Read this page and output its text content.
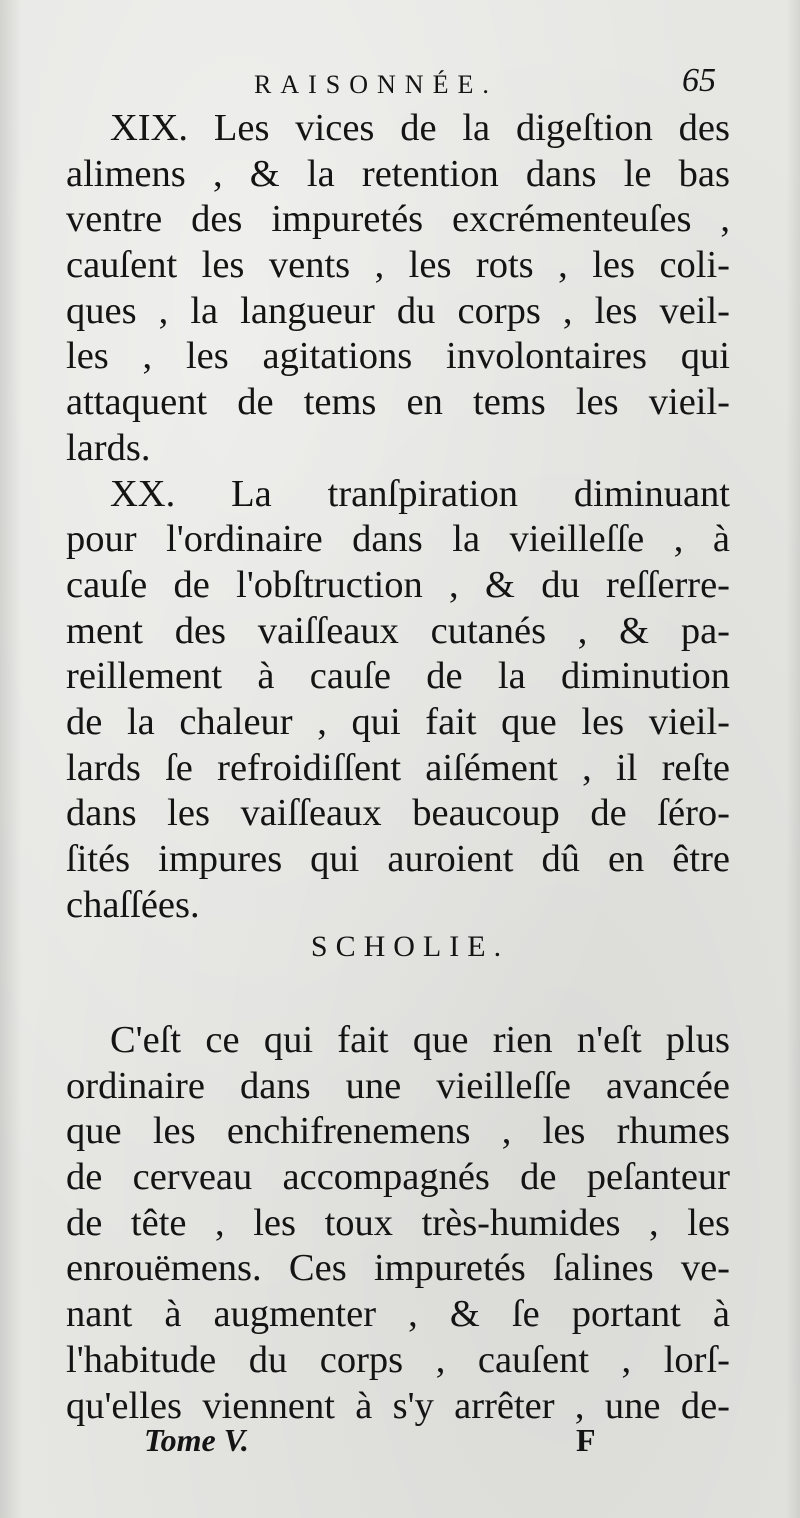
RAISONNÉE.	65
XIX. Les vices de la digeſtion des
alimens , & la retention dans le bas
ventre des impuretés excrémenteuſes ,
cauſent les vents , les rots , les coli-
ques , la langueur du corps , les veil-
les , les agitations involontaires qui
attaquent de tems en tems les vieil-
lards.
XX. La tranſpiration diminuant
pour l'ordinaire dans la vieilleſſe , à
cauſe de l'obſtruction , & du reſſerre-
ment des vaiſſeaux cutanés , & pa-
reillement à cauſe de la diminution
de la chaleur , qui fait que les vieil-
lards ſe refroidiſſent aiſément , il reſte
dans les vaiſſeaux beaucoup de ſéro-
ſités impures qui auroient dû en être
chaſſées.
SCHOLIE.
C'eſt ce qui fait que rien n'eſt plus
ordinaire dans une vieilleſſe avancée
que les enchifrenemens , les rhumes
de cerveau accompagnés de peſanteur
de tête , les toux très-humides , les
enrouëmens. Ces impuretés ſalines ve-
nant à augmenter , & ſe portant à
l'habitude du corps , cauſent , lorſ-
qu'elles viennent à s'y arrêter , une de-
Tome V.	F
